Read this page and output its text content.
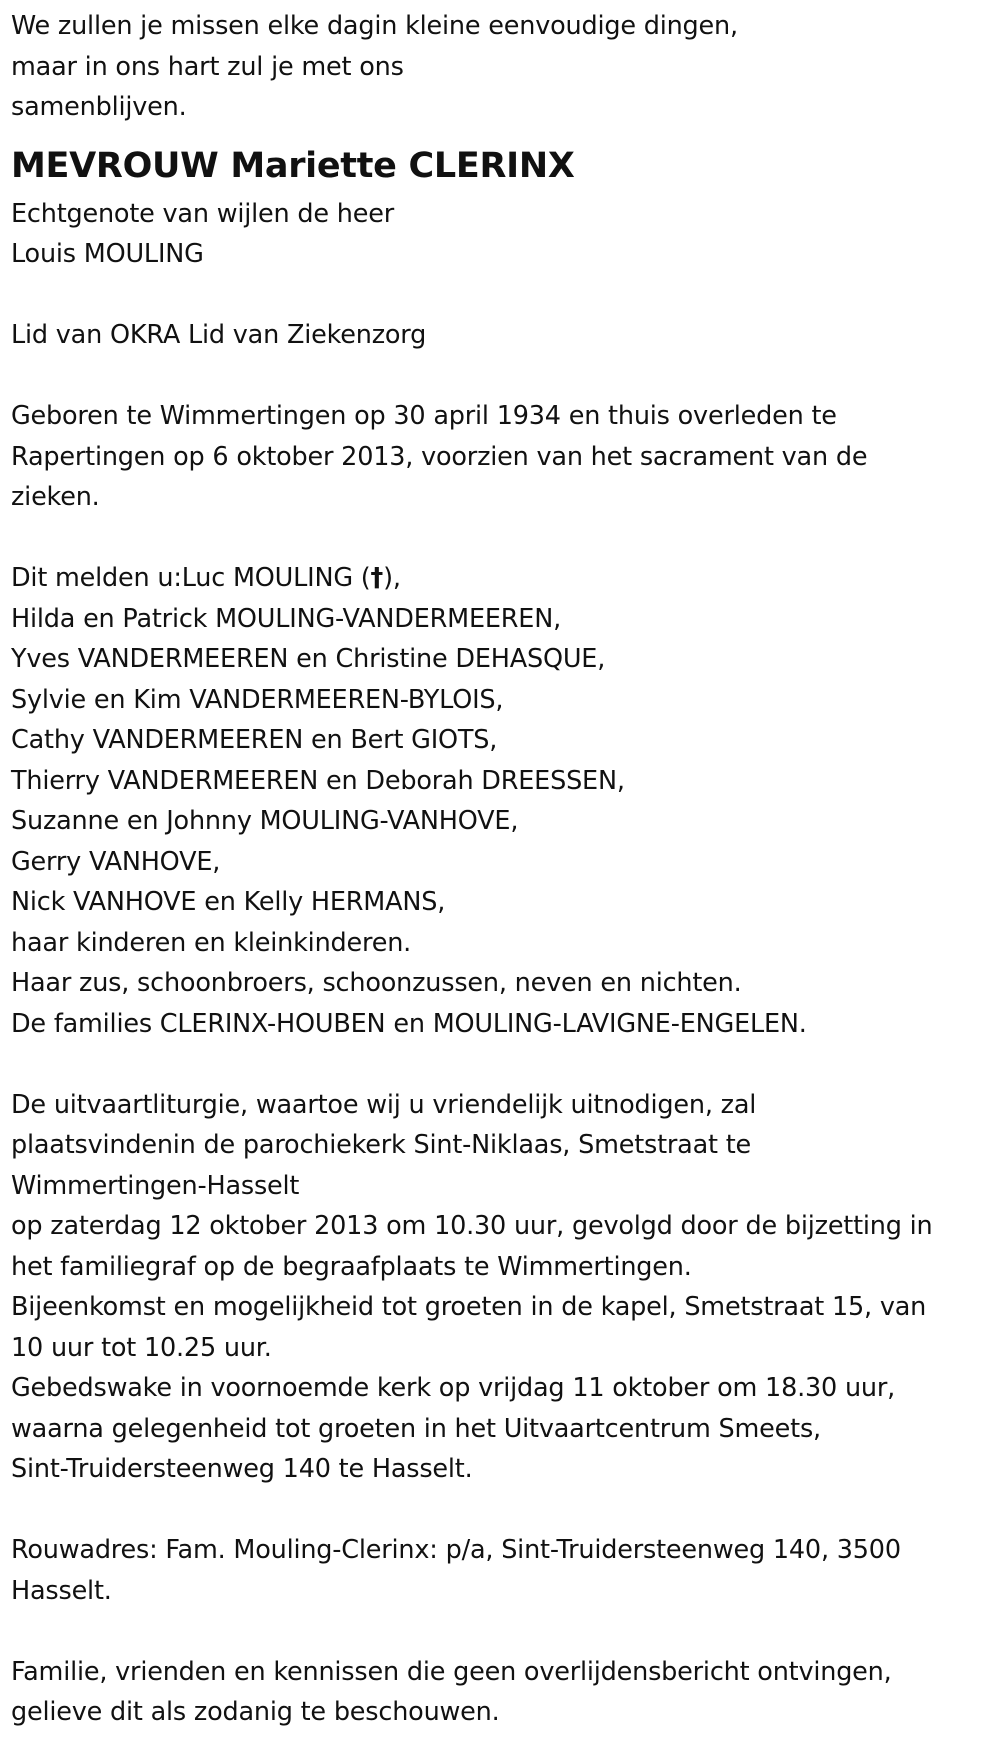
We zullen je missen elke dagin kleine eenvoudige dingen,
maar in ons hart zul je met ons
samenblijven.
MEVROUW Mariette CLERINX
Echtgenote van wijlen de heer
Louis MOULING
Lid van OKRA Lid van Ziekenzorg
Geboren te Wimmertingen op 30 april 1934 en thuis overleden te
Rapertingen op 6 oktober 2013, voorzien van het sacrament van de
zieken.
Dit melden u:Luc MOULING (†),
Hilda en Patrick MOULING-VANDERMEEREN,
Yves VANDERMEEREN en Christine DEHASQUE,
Sylvie en Kim VANDERMEEREN-BYLOIS,
Cathy VANDERMEEREN en Bert GIOTS,
Thierry VANDERMEEREN en Deborah DREESSEN,
Suzanne en Johnny MOULING-VANHOVE,
Gerry VANHOVE,
Nick VANHOVE en Kelly HERMANS,
haar kinderen en kleinkinderen.
Haar zus, schoonbroers, schoonzussen, neven en nichten.
De families CLERINX-HOUBEN en MOULING-LAVIGNE-ENGELEN.
De uitvaartliturgie, waartoe wij u vriendelijk uitnodigen, zal
plaatsvindenin de parochiekerk Sint-Niklaas, Smetstraat te
Wimmertingen-Hasselt
op zaterdag 12 oktober 2013 om 10.30 uur, gevolgd door de bijzetting in
het familiegraf op de begraafplaats te Wimmertingen.
Bijeenkomst en mogelijkheid tot groeten in de kapel, Smetstraat 15, van
10 uur tot 10.25 uur.
Gebedswake in voornoemde kerk op vrijdag 11 oktober om 18.30 uur,
waarna gelegenheid tot groeten in het Uitvaartcentrum Smeets,
Sint-Truidersteenweg 140 te Hasselt.
Rouwadres: Fam. Mouling-Clerinx: p/a, Sint-Truidersteenweg 140, 3500
Hasselt.
Familie, vrienden en kennissen die geen overlijdensbericht ontvingen,
gelieve dit als zodanig te beschouwen.
